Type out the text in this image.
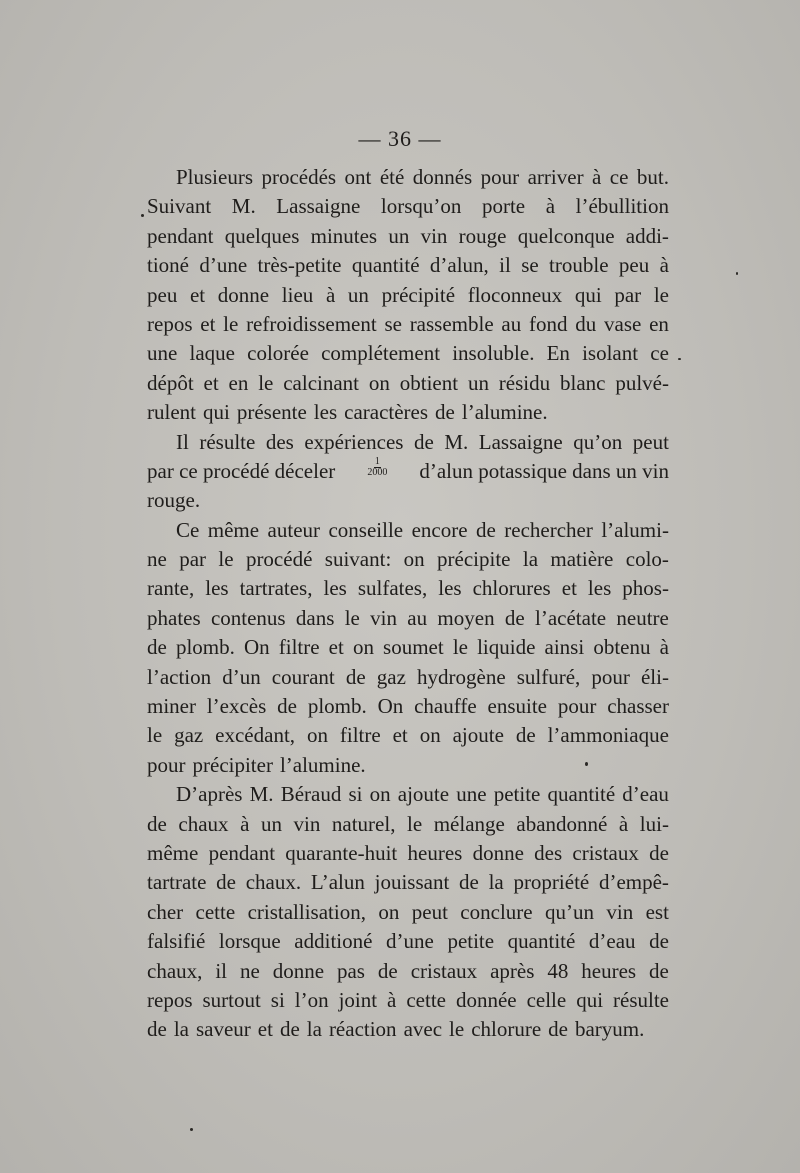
— 36 —
Plusieurs procédés ont été donnés pour arriver à ce but.
Suivant M. Lassaigne lorsqu’on porte à l’ébullition
pendant quelques minutes un vin rouge quelconque addi-
tioné d’une très-petite quantité d’alun, il se trouble peu à
peu et donne lieu à un précipité floconneux qui par le
repos et le refroidissement se rassemble au fond du vase en
une laque colorée complétement insoluble. En isolant ce
dépôt et en le calcinant on obtient un résidu blanc pulvé-
rulent qui présente les caractères de l’alumine.
Il résulte des expériences de M. Lassaigne qu’on peut
par ce procédé déceler	$\frac{1}{2000}$ d’alun potassique dans un vin
rouge.
Ce même auteur conseille encore de rechercher l’alumi-
ne par le procédé suivant: on précipite la matière colo-
rante, les tartrates, les sulfates, les chlorures et les phos-
phates contenus dans le vin au moyen de l’acétate neutre
de plomb. On filtre et on soumet le liquide ainsi obtenu à
l’action d’un courant de gaz hydrogène sulfuré, pour éli-
miner l’excès de plomb. On chauffe ensuite pour chasser
le gaz excédant, on filtre et on ajoute de l’ammoniaque
pour précipiter l’alumine.
D’après M. Béraud si on ajoute une petite quantité d’eau
de chaux à un vin naturel, le mélange abandonné à lui-
même pendant quarante-huit heures donne des cristaux de
tartrate de chaux. L’alun jouissant de la propriété d’empê-
cher cette cristallisation, on peut conclure qu’un vin est
falsifié lorsque additioné d’une petite quantité d’eau de
chaux, il ne donne pas de cristaux après 48 heures de
repos surtout si l’on joint à cette donnée celle qui résulte
de la saveur et de la réaction avec le chlorure de baryum.
